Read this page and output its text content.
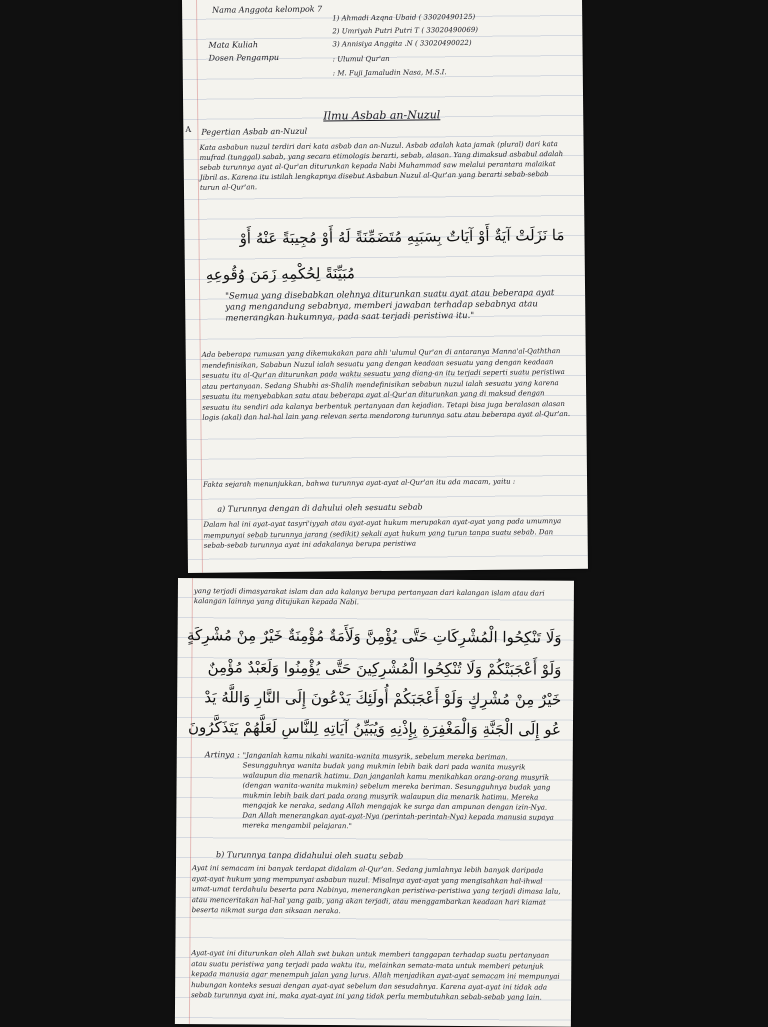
Nama Anggota kelompok 7
1) Ahmadi Azqna Ubaid ( 33020490125)
2) Umriyah Putri Putri T ( 33020490069)
3) Annisiya Anggita .N ( 33020490022)
Mata Kuliah
Dosen Pengampu	: Ulumul Qur'an
: M. Fuji Jamaludin Nasa, M.S.I.
Ilmu Asbab an-Nuzul
A Pegertian Asbab an-Nuzul
Kata asbabun nuzul terdiri dari kata asbab dan an-Nuzul. Asbab adalah kata jamak (plural) dari kata mufrad (tunggal) sabab, yang secara etimologis berarti, sebab, alasan. Yang dimaksud asbabul adalah sebab turunnya ayat al-Qur'an diturunkan kepada Nabi Muhammad saw melalui perantara malaikat Jibril as. Karena itu istilah lengkapnya disebut Asbabun Nuzul al-Qur'an yang berarti sebab-sebab turun al-Qur'an.
مَا نَزَلَتْ آيَةٌ أَوْ آيَاتٌ بِسَبَبِهِ مُتَضَمِّنَةً لَهُ أَوْ مُجِيبَةً عَنْهُ أَوْ
مُبَيِّنَةً لِحُكْمِهِ زَمَنَ وُقُوعِهِ
"Semua yang disebabkan olehnya diturunkan suatu ayat atau beberapa ayat yang mengandung sebabnya, memberi jawaban terhadap sebabnya atau menerangkan hukumnya, pada saat terjadi peristiwa itu."
Ada beberapa rumusan yang dikemukakan para ahli 'ulumul Qur'an di antaranya Manna'al-Qaththan mendefinisikan, Sababun Nuzul ialah sesuatu yang dengan keadaan sesuatu yang dengan keadaan sesuatu itu al-Qur'an diturunkan pada waktu sesuatu yang diang-an itu terjadi seperti suatu peristiwa atau pertanyaan. Sedang Shubhi as-Shalih mendefinisikan sebabun nuzul ialah sesuatu yang karena sesuatu itu menyebabkan satu atau beberapa ayat al-Qur'an diturunkan yang di maksud dengan sesuatu itu sendiri ada kalanya berbentuk pertanyaan dan kejadian. Tetapi bisa juga beralasan alasan logis (akal) dan hal-hal lain yang relevan serta mendorong turunnya satu atau beberapa ayat al-Qur'an.
Fakta sejarah menunjukkan, bahwa turunnya ayat-ayat al-Qur'an itu ada macam, yaitu :
a) Turunnya dengan di dahului oleh sesuatu sebab
Dalam hal ini ayat-ayat tasyri'iyyah atau ayat-ayat hukum merupakan ayat-ayat yang pada umumnya mempunyai sebab turunnya jarang (sedikit) sekali ayat hukum yang turun tanpa suatu sebab. Dan sebab-sebab turunnya ayat ini adakalanya berupa peristiwa
yang terjadi dimasyarakat islam dan ada kalanya berupa pertanyaan dari kalangan islam atau dari kalangan lainnya yang ditujukan kepada Nabi.
وَلَا تَنْكِحُوا الْمُشْرِكَاتِ حَتَّى يُؤْمِنَّ وَلَأَمَةٌ مُؤْمِنَةٌ خَيْرٌ مِنْ مُشْرِكَةٍ
وَلَوْ أَعْجَبَتْكُمْ وَلَا تُنْكِحُوا الْمُشْرِكِينَ حَتَّى يُؤْمِنُوا وَلَعَبْدٌ مُؤْمِنٌ
خَيْرٌ مِنْ مُشْرِكٍ وَلَوْ أَعْجَبَكُمْ أُولَئِكَ يَدْعُونَ إِلَى النَّارِ وَاللَّهُ يَدْ
عُو إِلَى الْجَنَّةِ وَالْمَغْفِرَةِ بِإِذْنِهِ وَيُبَيِّنُ آيَاتِهِ لِلنَّاسِ لَعَلَّهُمْ يَتَذَكَّرُونَ
Artinya : "Janganlah kamu nikahi wanita-wanita musyrik, sebelum mereka beriman. Sesungguhnya wanita budak yang mukmin lebih baik dari pada wanita musyrik walaupun dia menarik hatimu. Dan janganlah kamu menikahkan orang-orang musyrik (dengan wanita-wanita mukmin) sebelum mereka beriman. Sesungguhnya budak yang mukmin lebih baik dari pada orang musyrik walaupun dia menarik hatimu. Mereka mengajak ke neraka, sedang Allah mengajak ke surga dan ampunan dengan izin-Nya. Dan Allah menerangkan ayat-ayat-Nya (perintah-perintah-Nya) kepada manusia supaya mereka mengambil pelajaran."
b) Turunnya tanpa didahului oleh suatu sebab
Ayat ini semacam ini banyak terdapat didalam al-Qur'an. Sedang jumlahnya lebih banyak daripada ayat-ayat hukum yang mempunyai asbabun nuzul. Misalnya ayat-ayat yang mengisahkan hal-ihwal umat-umat terdahulu beserta para Nabinya, menerangkan peristiwa-peristiwa yang terjadi dimasa lalu, atau menceritakan hal-hal yang gaib, yang akan terjadi, atau menggambarkan keadaan hari kiamat beserta nikmat surga dan siksaan neraka.
Ayat-ayat ini diturunkan oleh Allah swt bukan untuk memberi tanggapan terhadap suatu pertanyaan atau suatu peristiwa yang terjadi pada waktu itu, melainkan semata-mata untuk memberi petunjuk kepada manusia agar menempuh jalan yang lurus. Allah menjadikan ayat-ayat semacam ini mempunyai hubungan konteks sesuai dengan ayat-ayat sebelum dan sesudahnya. Karena ayat-ayat ini tidak ada sebab turunnya ayat ini, maka ayat-ayat ini yang tidak perlu membutuhkan sebab-sebab yang lain.
